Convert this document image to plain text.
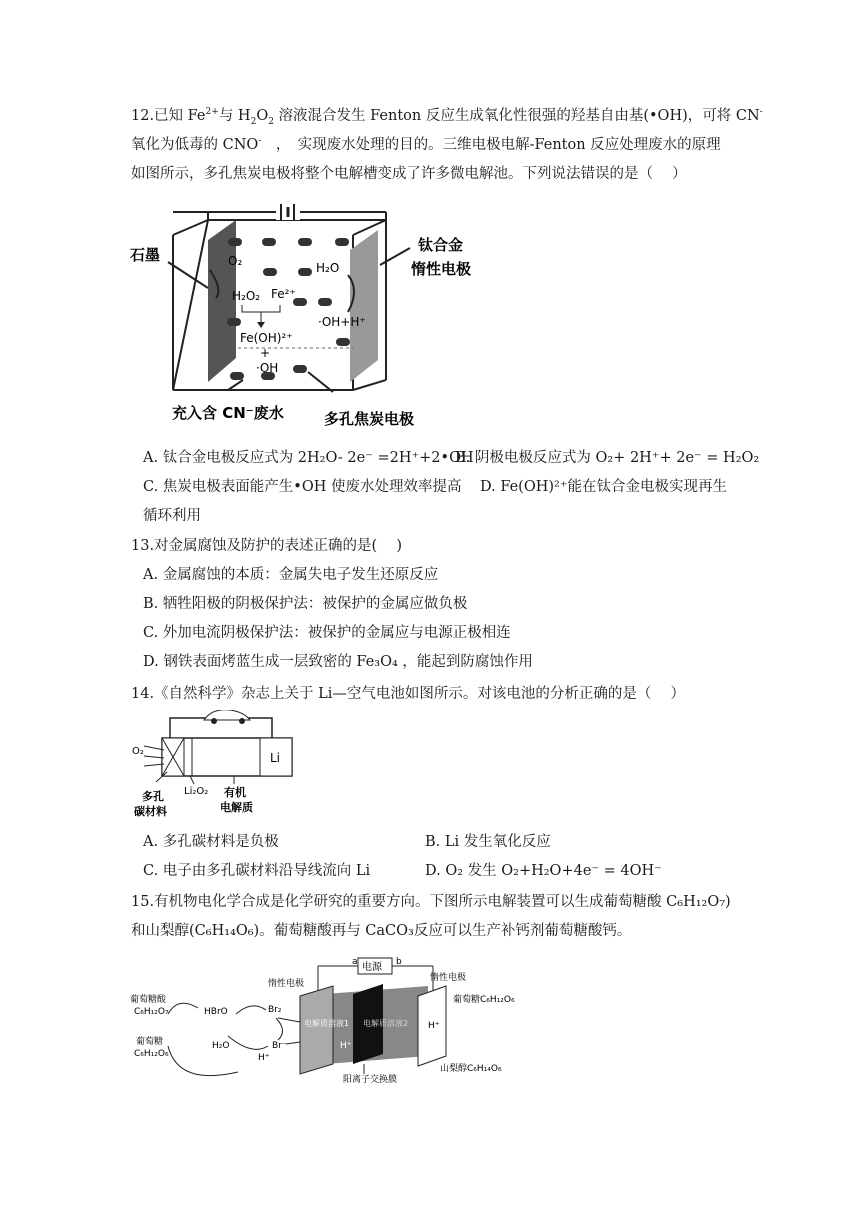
12.已知 $Fe^{2+}$与 $H_2O_2$ 溶液混合发生 Fenton 反应生成氧化性很强的羟基自由基(•OH)，可将 CN-
氧化为低毒的 CNO-　，　实现废水处理的目的。三维电极电解-Fenton 反应处理废水的原理
如图所示，多孔焦炭电极将整个电解槽变成了许多微电解池。下列说法错误的是（　 ）
O₂
H₂O₂ Fe²⁺
Fe(OH)²⁺
+
·OH
H₂O
·OH+H⁺
石墨
钛合金
惰性电极
充入含 CN⁻废水	多孔焦炭电极
A. 钛合金电极反应式为 2H₂O- 2e⁻ =2H⁺+2•OH
B. 阴极电极反应式为 O₂+ 2H⁺+ 2e⁻ = H₂O₂
C. 焦炭电极表面能产生•OH 使废水处理效率提高 D. Fe(OH)²⁺能在钛合金电极实现再生
循环利用
13.对金属腐蚀及防护的表述正确的是(　 )
A. 金属腐蚀的本质：金属失电子发生还原反应
B. 牺牲阳极的阴极保护法：被保护的金属应做负极
C. 外加电流阴极保护法：被保护的金属应与电源正极相连
D. 钢铁表面烤蓝生成一层致密的 Fe₃O₄ ，能起到防腐蚀作用
14.《自然科学》杂志上关于 Li—空气电池如图所示。对该电池的分析正确的是（　 ）
Li
O₂
Li₂O₂
多孔
碳材料
有机
电解质
A. 多孔碳材料是负极	B. Li 发生氧化反应
C. 电子由多孔碳材料沿导线流向 Li	D. O₂ 发生 O₂+H₂O+4e⁻ = 4OH⁻
15.有机物电化学合成是化学研究的重要方向。下图所示电解装置可以生成葡萄糖酸 C₆H₁₂O₇)
和山梨醇(C₆H₁₄O₆)。葡萄糖酸再与 CaCO₃反应可以生产补钙剂葡萄糖酸钙。
电源
a	b
惰性电极
惰性电极
电解质溶液1 电解质溶液2
H⁺
H⁺
葡萄糖C₆H₁₂O₆
山梨醇C₆H₁₄O₆
阳离子交换膜
葡萄糖酸
C₆H₁₂O₇
葡萄糖
C₆H₁₂O₆
HBrO	Br₂
H₂O	Br⁻
H⁺
